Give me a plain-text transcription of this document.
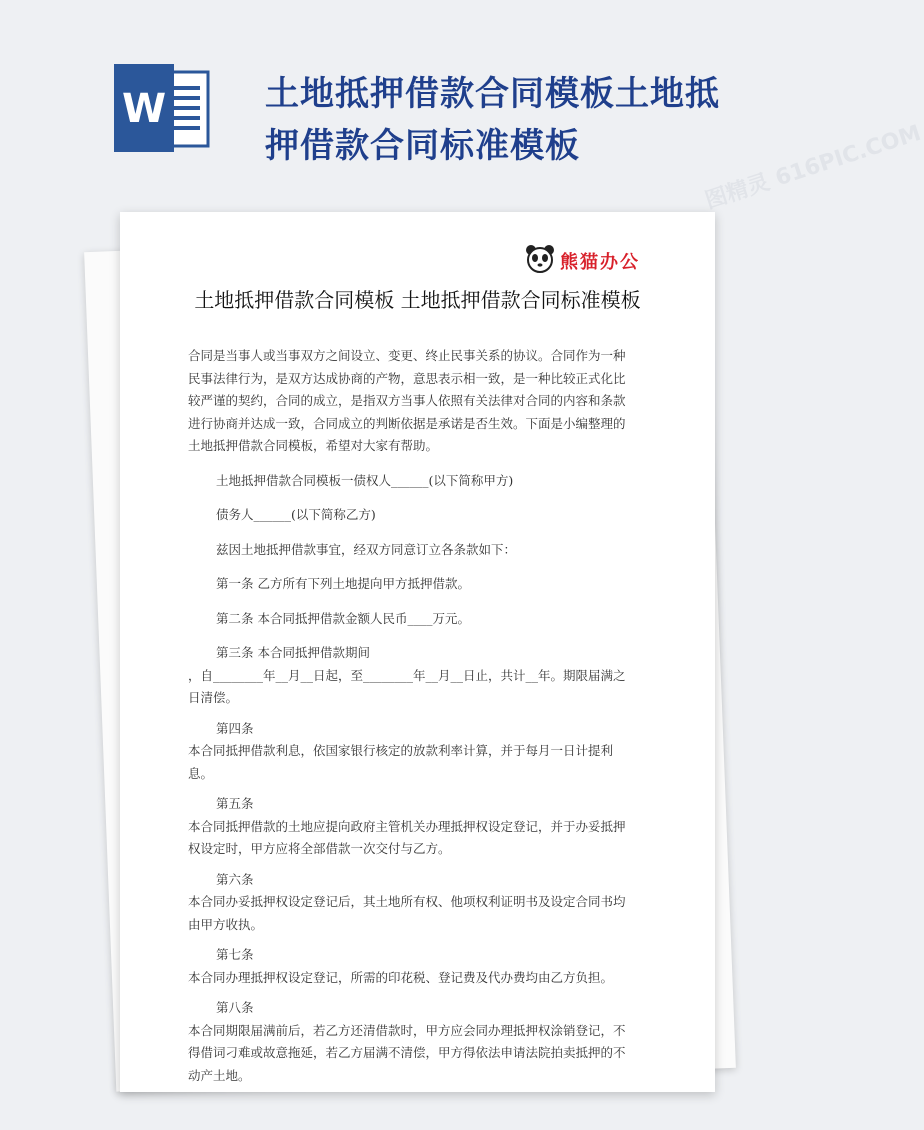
W	土地抵押借款合同模板土地抵
押借款合同标准模板	图精灵 616PIC.COM
熊猫办公
土地抵押借款合同模板 土地抵押借款合同标准模板

合同是当事人或当事双方之间设立、变更、终止民事关系的协议。合同作为一种民事法律行为，是双方达成协商的产物，意思表示相一致，是一种比较正式化比较严谨的契约，合同的成立，是指双方当事人依照有关法律对合同的内容和条款进行协商并达成一致，合同成立的判断依据是承诺是否生效。下面是小编整理的土地抵押借款合同模板，希望对大家有帮助。

土地抵押借款合同模板一债权人______(以下简称甲方)

债务人______(以下简称乙方)

兹因土地抵押借款事宜，经双方同意订立各条款如下：

第一条 乙方所有下列土地提向甲方抵押借款。

第二条 本合同抵押借款金额人民币____万元。

第三条 本合同抵押借款期间

，自________年__月__日起，至________年__月__日止，共计__年。期限届满之日清偿。

第四条

本合同抵押借款利息，依国家银行核定的放款利率计算，并于每月一日计提利息。

第五条

本合同抵押借款的土地应提向政府主管机关办理抵押权设定登记，并于办妥抵押权设定时，甲方应将全部借款一次交付与乙方。

第六条

本合同办妥抵押权设定登记后，其土地所有权、他项权利证明书及设定合同书均由甲方收执。

第七条

本合同办理抵押权设定登记，所需的印花税、登记费及代办费均由乙方负担。

第八条

本合同期限届满前后，若乙方还清借款时，甲方应会同办理抵押权涂销登记，不得借词刁难或故意拖延，若乙方届满不清偿，甲方得依法申请法院拍卖抵押的不动产土地。
